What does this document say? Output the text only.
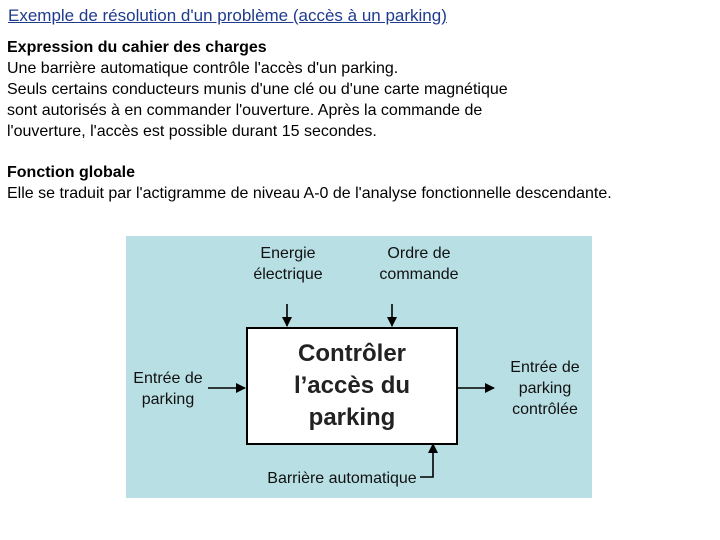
Exemple de résolution d'un problème (accès à un parking)
Expression du cahier des charges
Une barrière automatique contrôle l'accès d'un parking.
Seuls certains conducteurs munis d'une clé ou d'une carte magnétique
sont autorisés à en commander l'ouverture. Après la commande de
l'ouverture, l'accès est possible durant 15 secondes.
Fonction globale
Elle se traduit par l'actigramme de niveau A-0 de l'analyse fonctionnelle descendante.
Energie
électrique
Ordre de
commande
Entrée de
parking
Entrée de
parking
contrôlée
Barrière automatique
Contrôler
l’accès du
parking
